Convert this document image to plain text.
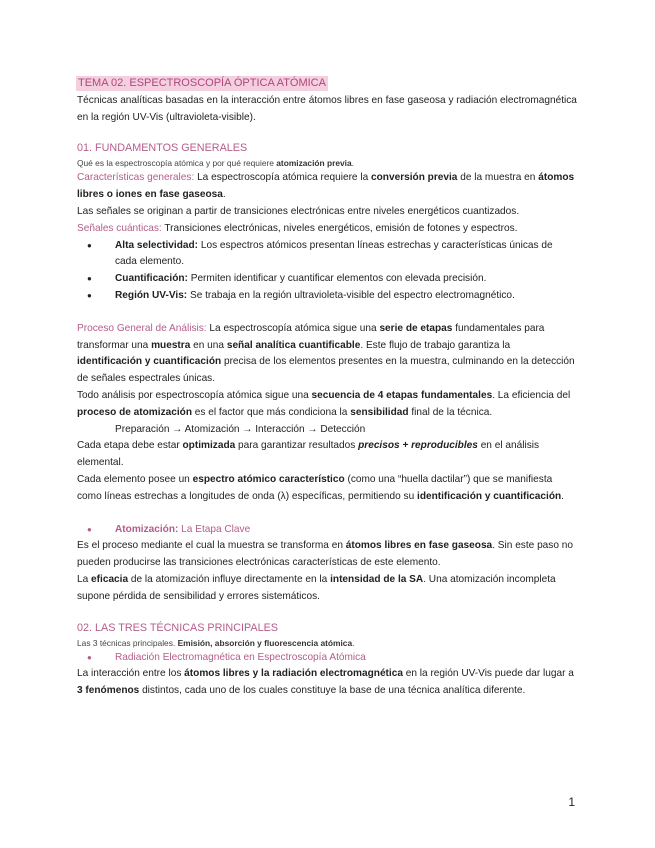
TEMA 02. ESPECTROSCOPÍA ÓPTICA ATÓMICA

Técnicas analíticas basadas en la interacción entre átomos libres en fase gaseosa y radiación electromagnética en la región UV-Vis (ultravioleta-visible).

01. FUNDAMENTOS GENERALES

Qué es la espectroscopía atómica y por qué requiere atomización previa.

Características generales: La espectroscopía atómica requiere la conversión previa de la muestra en átomos libres o iones en fase gaseosa.

Las señales se originan a partir de transiciones electrónicas entre niveles energéticos cuantizados.

Señales cuánticas: Transiciones electrónicas, niveles energéticos, emisión de fotones y espectros.

● Alta selectividad: Los espectros atómicos presentan líneas estrechas y características únicas de cada elemento.
● Cuantificación: Permiten identificar y cuantificar elementos con elevada precisión.
● Región UV-Vis: Se trabaja en la región ultravioleta-visible del espectro electromagnético.

Proceso General de Análisis: La espectroscopía atómica sigue una serie de etapas fundamentales para transformar una muestra en una señal analítica cuantificable. Este flujo de trabajo garantiza la identificación y cuantificación precisa de los elementos presentes en la muestra, culminando en la detección de señales espectrales únicas.

Todo análisis por espectroscopía atómica sigue una secuencia de 4 etapas fundamentales. La eficiencia del proceso de atomización es el factor que más condiciona la sensibilidad final de la técnica.

Preparación → Atomización → Interacción → Detección

Cada etapa debe estar optimizada para garantizar resultados precisos + reproducibles en el análisis elemental.

Cada elemento posee un espectro atómico característico (como una “huella dactilar”) que se manifiesta como líneas estrechas a longitudes de onda (λ) específicas, permitiendo su identificación y cuantificación.

● Atomización: La Etapa Clave

Es el proceso mediante el cual la muestra se transforma en átomos libres en fase gaseosa. Sin este paso no pueden producirse las transiciones electrónicas características de este elemento.

La eficacia de la atomización influye directamente en la intensidad de la SA. Una atomización incompleta supone pérdida de sensibilidad y errores sistemáticos.

02. LAS TRES TÉCNICAS PRINCIPALES

Las 3 técnicas principales. Emisión, absorción y fluorescencia atómica.

● Radiación Electromagnética en Espectroscopía Atómica

La interacción entre los átomos libres y la radiación electromagnética en la región UV-Vis puede dar lugar a 3 fenómenos distintos, cada uno de los cuales constituye la base de una técnica analítica diferente.

1
